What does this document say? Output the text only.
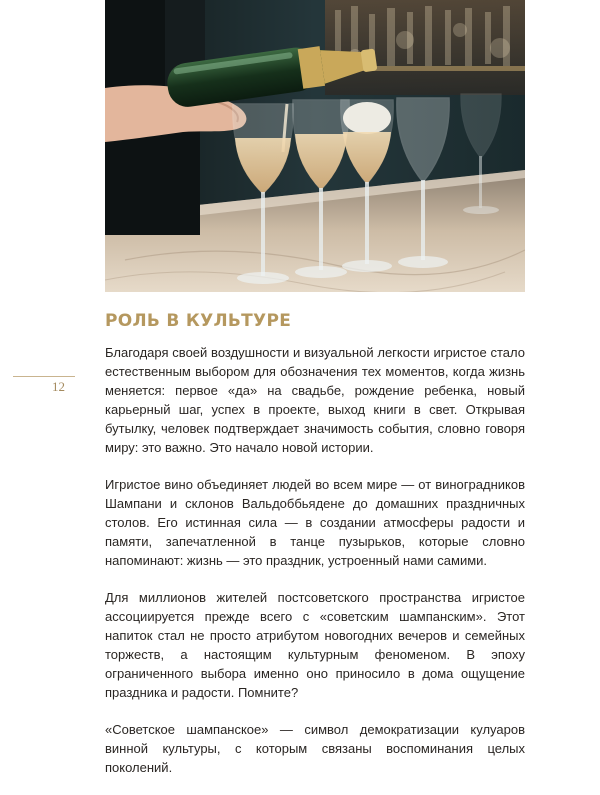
12
РОЛЬ В КУЛЬТУРЕ

Благодаря своей воздушности и визуальной легкости игристое стало естественным выбором для обозначения тех моментов, когда жизнь меняется: первое «да» на свадьбе, рождение ребенка, новый карьерный шаг, успех в проекте, выход книги в свет. Открывая бутылку, человек подтверждает значимость события, словно говоря миру: это важно. Это начало новой истории.

Игристое вино объединяет людей во всем мире — от виноградников Шампани и склонов Вальдоббьядене до домашних праздничных столов. Его истинная сила — в создании атмосферы радости и памяти, запечатленной в танце пузырьков, которые словно напоминают: жизнь — это праздник, устроенный нами самими.

Для миллионов жителей постсоветского пространства игристое ассоциируется прежде всего с «советским шампанским». Этот напиток стал не просто атрибутом новогодних вечеров и семейных торжеств, а настоящим культурным феноменом. В эпоху ограниченного выбора именно оно приносило в дома ощущение праздника и радости. Помните?

«Советское шампанское» — символ демократизации кулуаров винной культуры, с которым связаны воспоминания целых поколений.
